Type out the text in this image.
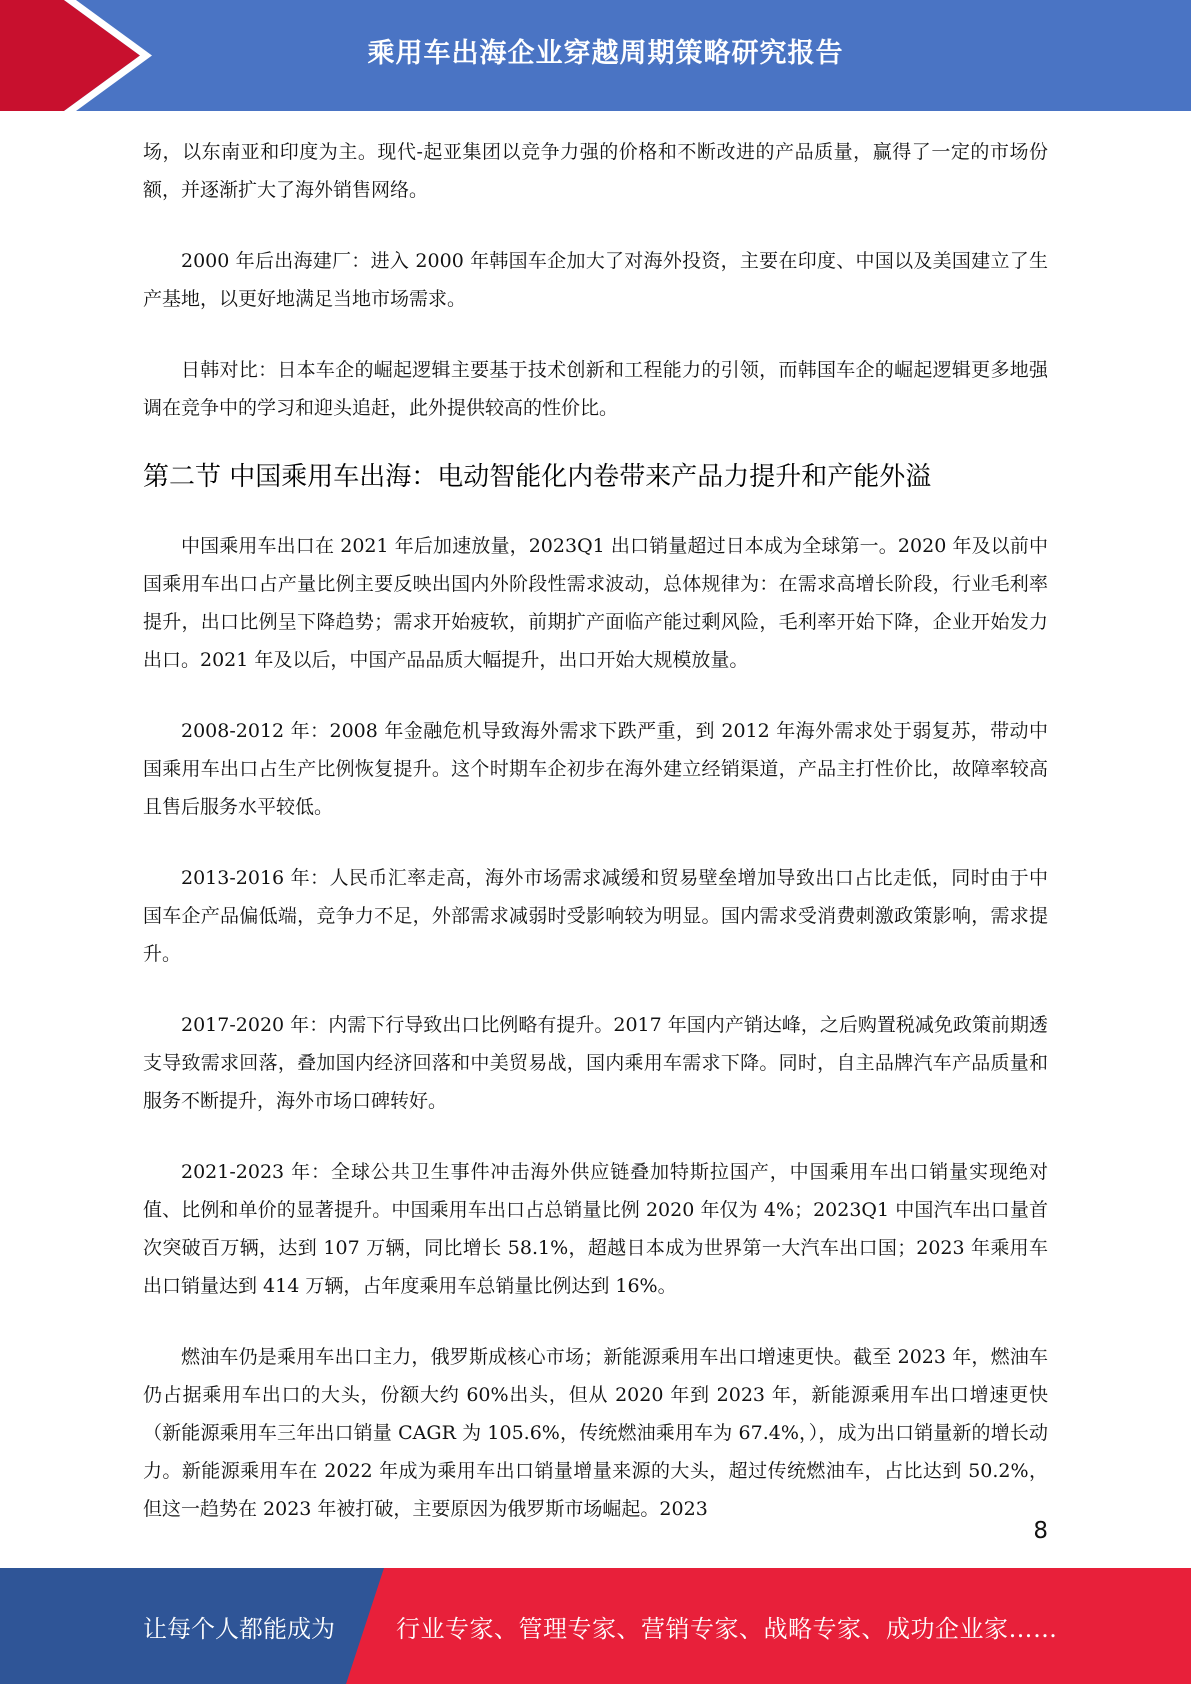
乘用车出海企业穿越周期策略研究报告

场，以东南亚和印度为主。现代-起亚集团以竞争力强的价格和不断改进的产品质量，赢得了一定的市场份额，并逐渐扩大了海外销售网络。

2000 年后出海建厂：进入 2000 年韩国车企加大了对海外投资，主要在印度、中国以及美国建立了生产基地，以更好地满足当地市场需求。

日韩对比：日本车企的崛起逻辑主要基于技术创新和工程能力的引领，而韩国车企的崛起逻辑更多地强调在竞争中的学习和迎头追赶，此外提供较高的性价比。

第二节 中国乘用车出海：电动智能化内卷带来产品力提升和产能外溢

中国乘用车出口在 2021 年后加速放量，2023Q1 出口销量超过日本成为全球第一。2020 年及以前中国乘用车出口占产量比例主要反映出国内外阶段性需求波动，总体规律为：在需求高增长阶段，行业毛利率提升，出口比例呈下降趋势；需求开始疲软，前期扩产面临产能过剩风险，毛利率开始下降，企业开始发力出口。2021 年及以后，中国产品品质大幅提升，出口开始大规模放量。

2008-2012 年：2008 年金融危机导致海外需求下跌严重，到 2012 年海外需求处于弱复苏，带动中国乘用车出口占生产比例恢复提升。这个时期车企初步在海外建立经销渠道，产品主打性价比，故障率较高且售后服务水平较低。

2013-2016 年：人民币汇率走高，海外市场需求减缓和贸易壁垒增加导致出口占比走低，同时由于中国车企产品偏低端，竞争力不足，外部需求减弱时受影响较为明显。国内需求受消费刺激政策影响，需求提升。

2017-2020 年：内需下行导致出口比例略有提升。2017 年国内产销达峰，之后购置税减免政策前期透支导致需求回落，叠加国内经济回落和中美贸易战，国内乘用车需求下降。同时，自主品牌汽车产品质量和服务不断提升，海外市场口碑转好。

2021-2023 年：全球公共卫生事件冲击海外供应链叠加特斯拉国产，中国乘用车出口销量实现绝对值、比例和单价的显著提升。中国乘用车出口占总销量比例 2020 年仅为 4%；2023Q1 中国汽车出口量首次突破百万辆，达到 107 万辆，同比增长 58.1%，超越日本成为世界第一大汽车出口国；2023 年乘用车出口销量达到 414 万辆，占年度乘用车总销量比例达到 16%。

燃油车仍是乘用车出口主力，俄罗斯成核心市场；新能源乘用车出口增速更快。截至 2023 年，燃油车仍占据乘用车出口的大头，份额大约 60%出头，但从 2020 年到 2023 年，新能源乘用车出口增速更快（新能源乘用车三年出口销量 CAGR 为 105.6%，传统燃油乘用车为 67.4%，），成为出口销量新的增长动力。新能源乘用车在 2022 年成为乘用车出口销量增量来源的大头，超过传统燃油车，占比达到 50.2%，但这一趋势在 2023 年被打破，主要原因为俄罗斯市场崛起。2023

8
让每个人都能成为	行业专家、管理专家、营销专家、战略专家、成功企业家……
